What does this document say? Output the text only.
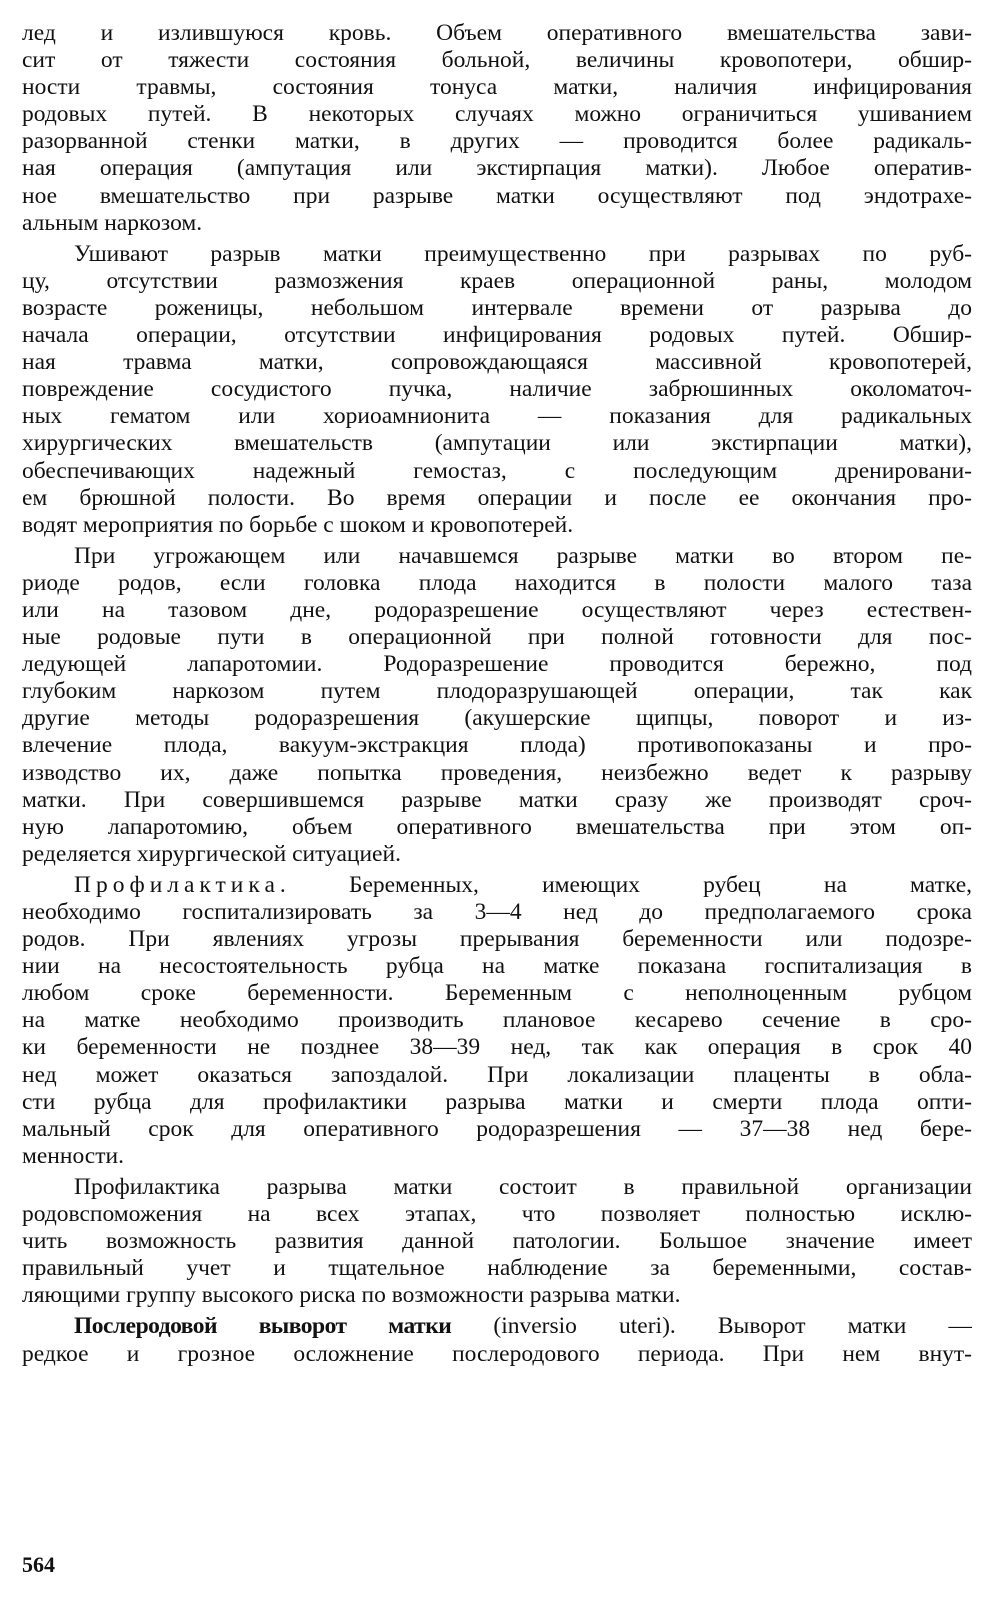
лед и излившуюся кровь. Объем оперативного вмешательства зави-
сит от тяжести состояния больной, величины кровопотери, обшир-
ности травмы, состояния тонуса матки, наличия инфицирования
родовых путей. В некоторых случаях можно ограничиться ушиванием
разорванной стенки матки, в других — проводится более радикаль-
ная операция (ампутация или экстирпация матки). Любое оператив-
ное вмешательство при разрыве матки осуществляют под эндотрахе-
альным наркозом.
Ушивают разрыв матки преимущественно при разрывах по руб-
цу, отсутствии размозжения краев операционной раны, молодом
возрасте роженицы, небольшом интервале времени от разрыва до
начала операции, отсутствии инфицирования родовых путей. Обшир-
ная травма матки, сопровождающаяся массивной кровопотерей,
повреждение сосудистого пучка, наличие забрюшинных околоматоч-
ных гематом или хориоамнионита — показания для радикальных
хирургических вмешательств (ампутации или экстирпации матки),
обеспечивающих надежный гемостаз, с последующим дренировани-
ем брюшной полости. Во время операции и после ее окончания про-
водят мероприятия по борьбе с шоком и кровопотерей.
При угрожающем или начавшемся разрыве матки во втором пе-
риоде родов, если головка плода находится в полости малого таза
или на тазовом дне, родоразрешение осуществляют через естествен-
ные родовые пути в операционной при полной готовности для пос-
ледующей лапаротомии. Родоразрешение проводится бережно, под
глубоким наркозом путем плодоразрушающей операции, так как
другие методы родоразрешения (акушерские щипцы, поворот и из-
влечение плода, вакуум-экстракция плода) противопоказаны и про-
изводство их, даже попытка проведения, неизбежно ведет к разрыву
матки. При совершившемся разрыве матки сразу же производят сроч-
ную лапаротомию, объем оперативного вмешательства при этом оп-
ределяется хирургической ситуацией.
Профилактика. Беременных, имеющих рубец на матке,
необходимо госпитализировать за 3—4 нед до предполагаемого срока
родов. При явлениях угрозы прерывания беременности или подозре-
нии на несостоятельность рубца на матке показана госпитализация в
любом сроке беременности. Беременным с неполноценным рубцом
на матке необходимо производить плановое кесарево сечение в сро-
ки беременности не позднее 38—39 нед, так как операция в срок 40
нед может оказаться запоздалой. При локализации плаценты в обла-
сти рубца для профилактики разрыва матки и смерти плода опти-
мальный срок для оперативного родоразрешения — 37—38 нед бере-
менности.
Профилактика разрыва матки состоит в правильной организации
родовспоможения на всех этапах, что позволяет полностью исклю-
чить возможность развития данной патологии. Большое значение имеет
правильный учет и тщательное наблюдение за беременными, состав-
ляющими группу высокого риска по возможности разрыва матки.
Послеродовой выворот матки (inversio uteri). Выворот матки —
редкое и грозное осложнение послеродового периода. При нем внут-
564
